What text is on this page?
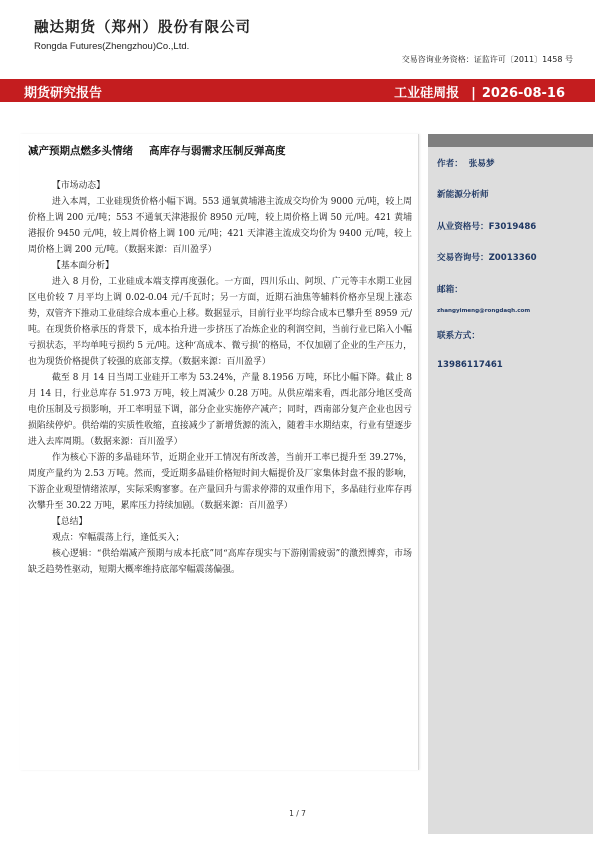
融达期货（郑州）股份有限公司
Rongda Futures(Zhengzhou)Co.,Ltd.
交易咨询业务资格：证监许可〔2011〕1458 号
期货研究报告	工业硅周报 | 2026-08-16
减产预期点燃多头情绪 高库存与弱需求压制反弹高度
【市场动态】

进入本周，工业硅现货价格小幅下调。553 通氧黄埔港主流成交均价为 9000 元/吨，较上周价格上调 200 元/吨；553 不通氧天津港报价 8950 元/吨，较上周价格上调 50 元/吨。421 黄埔港报价 9450 元/吨，较上周价格上调 100 元/吨；421 天津港主流成交均价为 9400 元/吨，较上周价格上调 200 元/吨。（数据来源：百川盈孚）

【基本面分析】

进入 8 月份，工业硅成本端支撑再度强化。一方面，四川乐山、阿坝、广元等丰水期工业园区电价较 7 月平均上调 0.02-0.04 元/千瓦时；另一方面，近期石油焦等辅料价格亦呈现上涨态势，双管齐下推动工业硅综合成本重心上移。数据显示，目前行业平均综合成本已攀升至 8959 元/吨。在现货价格承压的背景下，成本抬升进一步挤压了冶炼企业的利润空间，当前行业已陷入小幅亏损状态，平均单吨亏损约 5 元/吨。这种‘高成本、微亏损’的格局，不仅加剧了企业的生产压力，也为现货价格提供了较强的底部支撑。（数据来源：百川盈孚）

截至 8 月 14 日当周工业硅开工率为 53.24%，产量 8.1956 万吨，环比小幅下降。截止 8 月 14 日，行业总库存 51.973 万吨，较上周减少 0.28 万吨。从供应端来看，西北部分地区受高电价压制及亏损影响，开工率明显下调，部分企业实施停产减产；同时，西南部分复产企业也因亏损陷续停炉。供给端的实质性收缩，直接减少了新增货源的流入，随着丰水期结束，行业有望逐步进入去库周期。（数据来源：百川盈孚）

作为核心下游的多晶硅环节，近期企业开工情况有所改善，当前开工率已提升至 39.27%，周度产量约为 2.53 万吨。然而，受近期多晶硅价格短时间大幅提价及厂家集体封盘不报的影响，下游企业观望情绪浓厚，实际采购寥寥。在产量回升与需求停滞的双重作用下，多晶硅行业库存再次攀升至 30.22 万吨，累库压力持续加剧。（数据来源：百川盈孚）

【总结】

观点：窄幅震荡上行，逢低买入；

核心逻辑：“供给端减产预期与成本托底”同“高库存现实与下游刚需疲弱”的激烈博弈，市场缺乏趋势性驱动，短期大概率维持底部窄幅震荡偏强。

作者： 张易梦
新能源分析师
从业资格号：F3019486
交易咨询号：Z0013360
邮箱：
zhangyimeng@rongdaqh.com
联系方式：
13986117461
1 / 7
